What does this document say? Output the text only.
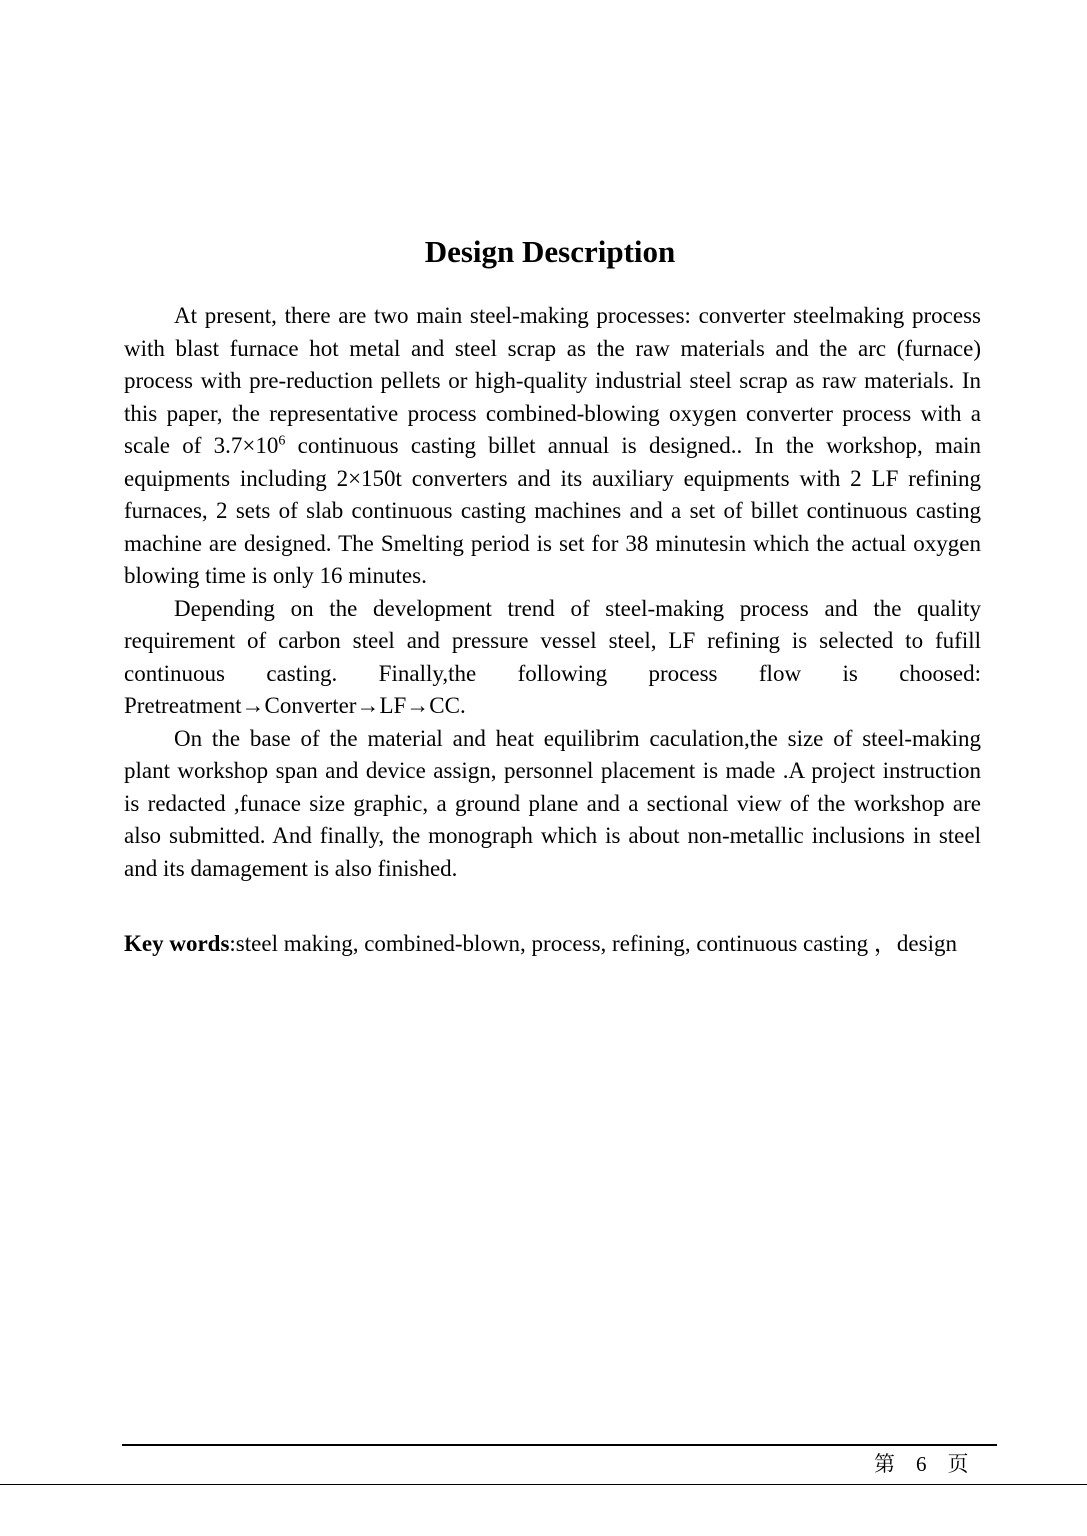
Design Description

At present, there are two main steel-making processes: converter steelmaking process with blast furnace hot metal and steel scrap as the raw materials and the arc (furnace) process with pre-reduction pellets or high-quality industrial steel scrap as raw materials. In this paper, the representative process combined-blowing oxygen converter process with a scale of $3.7\times 10^6$ continuous casting billet annual is designed.. In the workshop, main equipments including 2×150t converters and its auxiliary equipments with 2 LF refining furnaces, 2 sets of slab continuous casting machines and a set of billet continuous casting machine are designed. The Smelting period is set for 38 minutesin which the actual oxygen blowing time is only 16 minutes.

Depending on the development trend of steel-making process and the quality requirement of carbon steel and pressure vessel steel, LF refining is selected to fufill continuous casting. Finally,the following process flow is choosed: Pretreatment→Converter→LF→CC.

On the base of the material and heat equilibrim caculation,the size of steel-making plant workshop span and device assign, personnel placement is made .A project instruction is redacted ,funace size graphic, a ground plane and a sectional view of the workshop are also submitted. And finally, the monograph which is about non-metallic inclusions in steel and its damagement is also finished.

Key words :steel making, combined-blown, process, refining, continuous casting ，design
第　6　页
